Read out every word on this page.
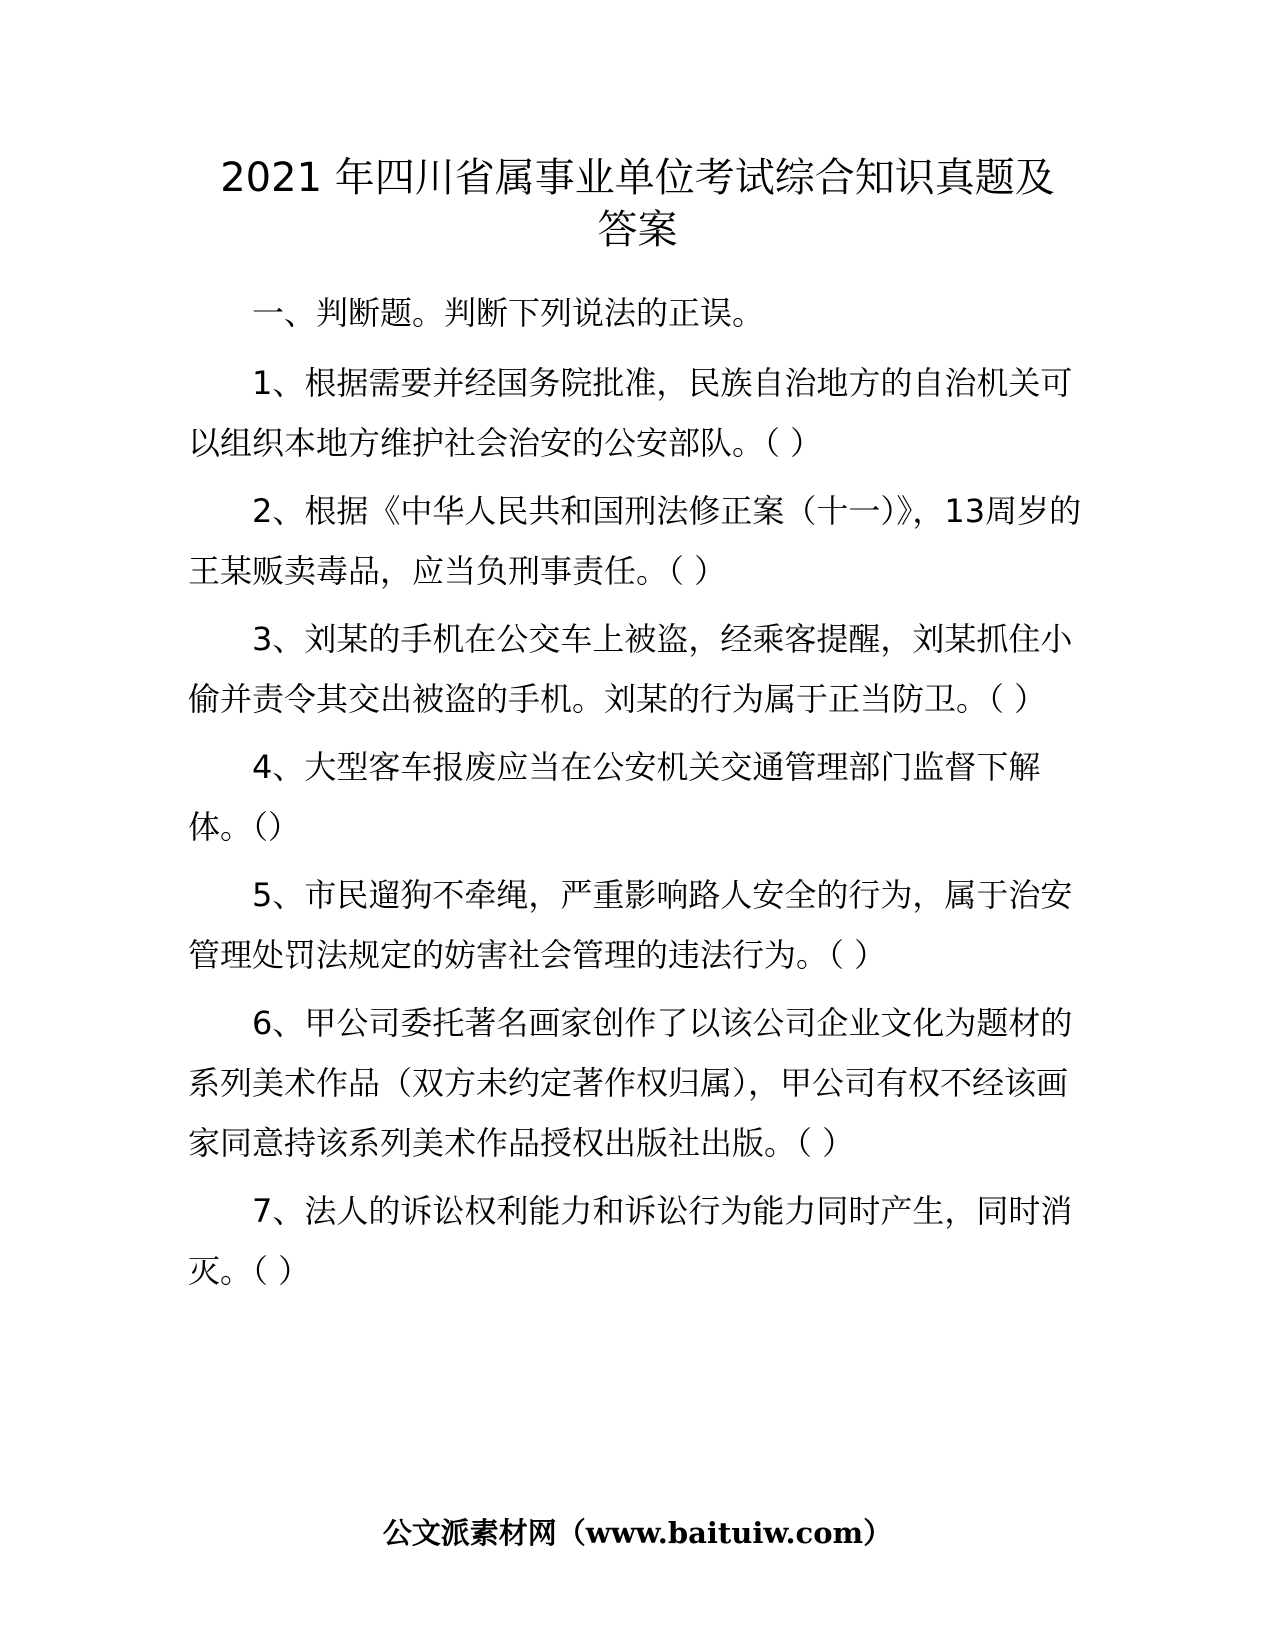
2021 年四川省属事业单位考试综合知识真题及
答案

一、判断题。判断下列说法的正误。

1、根据需要并经国务院批准，民族自治地方的自治机关可以组织本地方维护社会治安的公安部队。（ ）

2、根据《中华人民共和国刑法修正案（十一）》，13周岁的王某贩卖毒品，应当负刑事责任。（ ）

3、刘某的手机在公交车上被盗，经乘客提醒，刘某抓住小偷并责令其交出被盗的手机。刘某的行为属于正当防卫。（ ）

4、大型客车报废应当在公安机关交通管理部门监督下解体。（）

5、市民遛狗不牵绳，严重影响路人安全的行为，属于治安管理处罚法规定的妨害社会管理的违法行为。（ ）

6、甲公司委托著名画家创作了以该公司企业文化为题材的系列美术作品（双方未约定著作权归属），甲公司有权不经该画家同意持该系列美术作品授权出版社出版。（ ）

7、法人的诉讼权利能力和诉讼行为能力同时产生，同时消灭。（ ）

公文派素材网（www.baituiw.com）
